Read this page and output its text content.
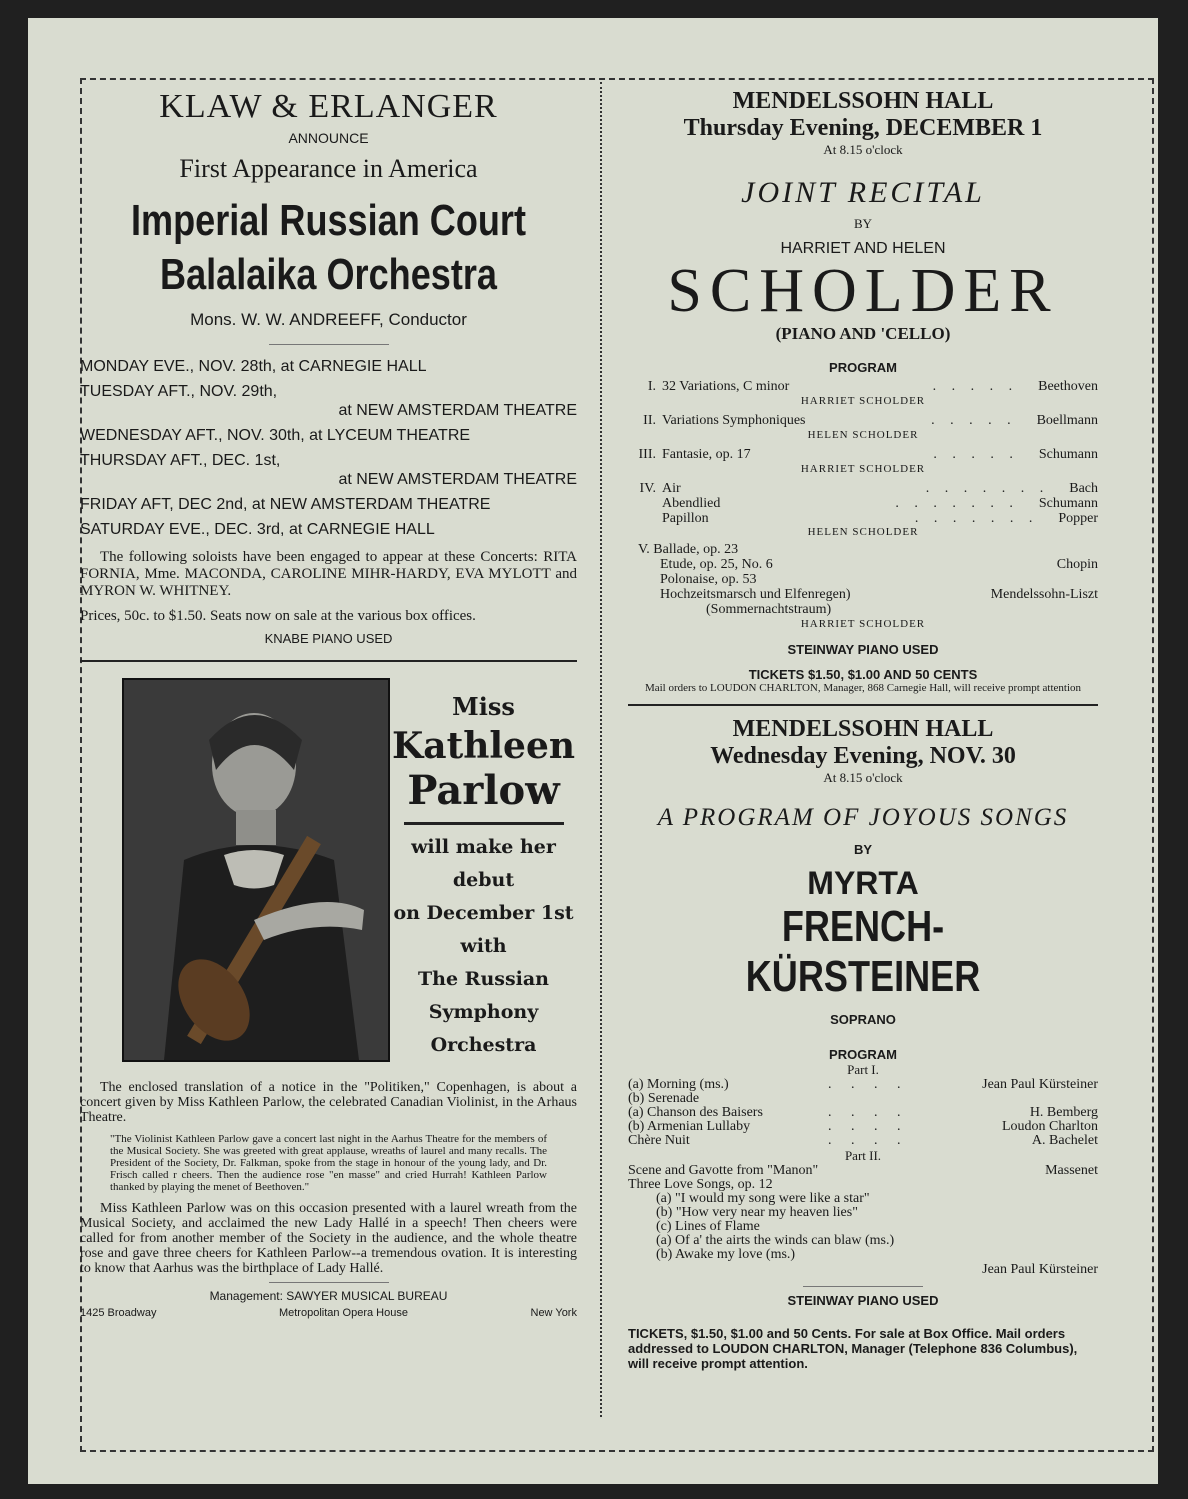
KLAW & ERLANGER
ANNOUNCE
First Appearance in America
Imperial Russian Court
Balalaika Orchestra
Mons. W. W. ANDREEFF, Conductor
MONDAY EVE., NOV. 28th, at CARNEGIE HALL
TUESDAY AFT., NOV. 29th,
at NEW AMSTERDAM THEATRE
WEDNESDAY AFT., NOV. 30th, at LYCEUM THEATRE
THURSDAY AFT., DEC. 1st,
at NEW AMSTERDAM THEATRE
FRIDAY AFT, DEC 2nd, at NEW AMSTERDAM THEATRE
SATURDAY EVE., DEC. 3rd, at CARNEGIE HALL

The following soloists have been engaged to appear at these Concerts: RITA FORNIA, Mme. MACONDA, CAROLINE MIHR-HARDY, EVA MYLOTT and MYRON W. WHITNEY.

Prices, 50c. to $1.50. Seats now on sale at the various box offices.

KNABE PIANO USED
Miss
Kathleen
Parlow
will make her debut
on December 1st
with
The Russian
Symphony
Orchestra

The enclosed translation of a notice in the "Politiken," Copenhagen, is about a concert given by Miss Kathleen Parlow, the celebrated Canadian Violinist, in the Arhaus Theatre.

"The Violinist Kathleen Parlow gave a concert last night in the Aarhus Theatre for the members of the Musical Society. She was greeted with great applause, wreaths of laurel and many recalls. The President of the Society, Dr. Falkman, spoke from the stage in honour of the young lady, and Dr. Frisch called r cheers. Then the audience rose "en masse" and cried Hurrah! Kathleen Parlow thanked by playing the menet of Beethoven."

Miss Kathleen Parlow was on this occasion presented with a laurel wreath from the Musical Society, and acclaimed the new Lady Hallé in a speech! Then cheers were called for from another member of the Society in the audience, and the whole theatre rose and gave three cheers for Kathleen Parlow--a tremendous ovation. It is interesting to know that Aarhus was the birthplace of Lady Hallé.

Management: SAWYER MUSICAL BUREAU
1425 Broadway	Metropolitan Opera House	New York
MENDELSSOHN HALL
Thursday Evening, DECEMBER 1
At 8.15 o'clock
JOINT RECITAL
BY
HARRIET AND HELEN
SCHOLDER
(PIANO AND 'CELLO)
PROGRAM
I. 32 Variations, C minor	. . . . .	Beethoven
HARRIET SCHOLDER
II. Variations Symphoniques	. . . . .	Boellmann
HELEN SCHOLDER
III. Fantasie, op. 17	. . . . .	Schumann
HARRIET SCHOLDER
IV. Air	. . . . . . .	Bach
Abendlied	. . . . . . .	Schumann
Papillon	. . . . . . .	Popper
HELEN SCHOLDER
V. Ballade, op. 23
Etude, op. 25, No. 6	Chopin
Polonaise, op. 53
Hochzeitsmarsch und Elfenregen)	Mendelssohn-Liszt
(Sommernachtstraum)
HARRIET SCHOLDER
STEINWAY PIANO USED
TICKETS $1.50, $1.00 AND 50 CENTS
Mail orders to LOUDON CHARLTON, Manager, 868 Carnegie Hall, will receive prompt attention
MENDELSSOHN HALL
Wednesday Evening, NOV. 30
At 8.15 o'clock
A PROGRAM OF JOYOUS SONGS
BY
MYRTA
FRENCH-KÜRSTEINER
SOPRANO
PROGRAM
Part I.
(a) Morning (ms.)	. . . .	Jean Paul Kürsteiner
(b) Serenade
(a) Chanson des Baisers	. . . .	H. Bemberg
(b) Armenian Lullaby	. . . .	Loudon Charlton
Chère Nuit	. . . .	A. Bachelet
Part II.
Scene and Gavotte from "Manon"	Massenet
Three Love Songs, op. 12
(a) "I would my song were like a star"
(b) "How very near my heaven lies"
(c) Lines of Flame
(a) Of a' the airts the winds can blaw (ms.)
(b) Awake my love (ms.)
Jean Paul Kürsteiner
STEINWAY PIANO USED

TICKETS, $1.50, $1.00 and 50 Cents. For sale at Box Office. Mail orders addressed to LOUDON CHARLTON, Manager (Telephone 836 Columbus), will receive prompt attention.
